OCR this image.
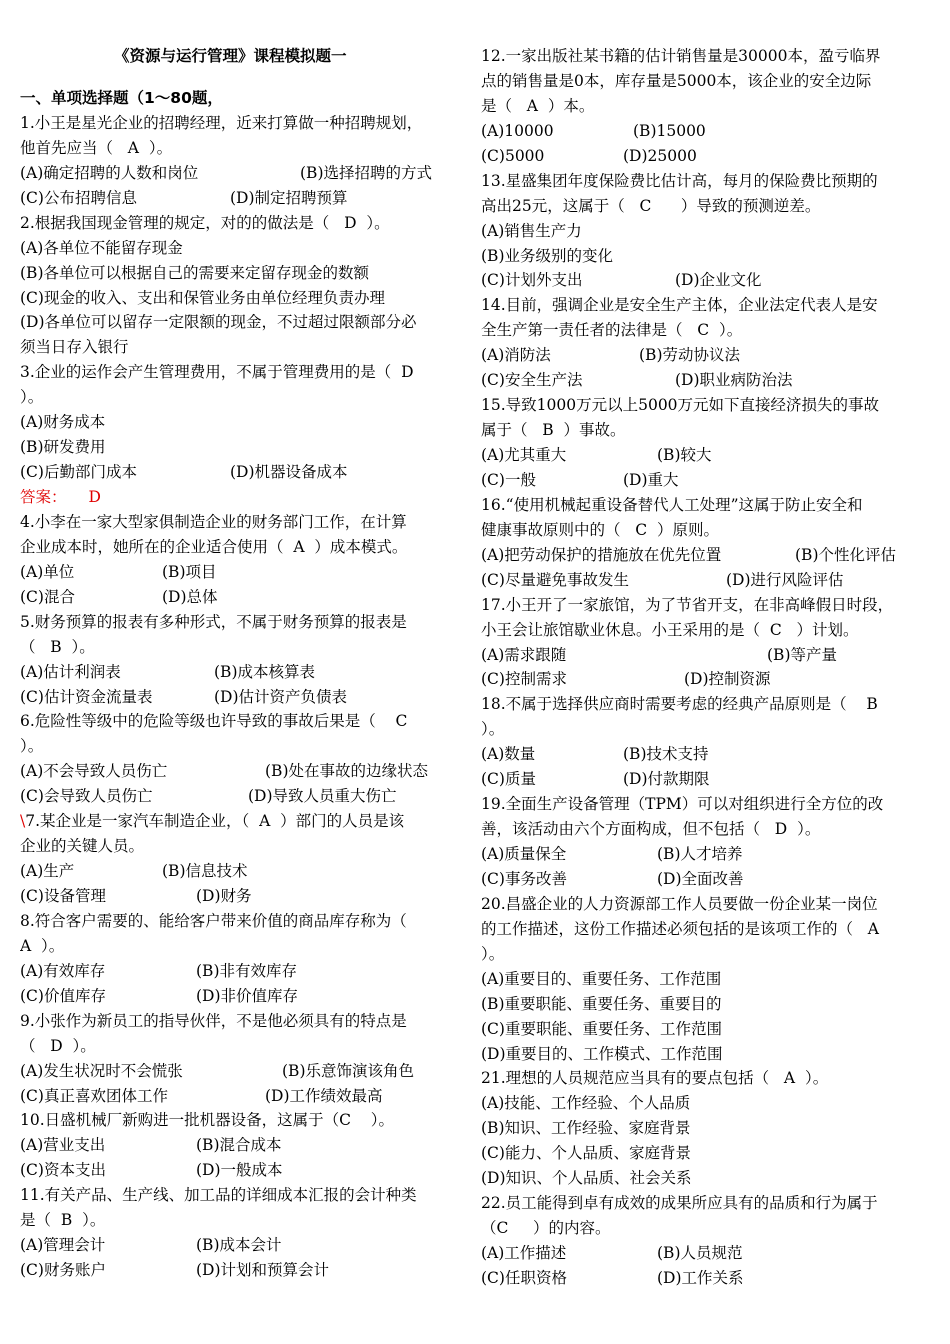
《资源与运行管理》课程模拟题一
一、单项选择题（1～80题，
1.小王是星光企业的招聘经理，近来打算做一种招聘规划，
他首先应当（   A  ）。
(A)确定招聘的人数和岗位	(B)选择招聘的方式
(C)公布招聘信息	(D)制定招聘预算
2.根据我国现金管理的规定，对的的做法是（   D  ）。
(A)各单位不能留存现金
(B)各单位可以根据自己的需要来定留存现金的数额
(C)现金的收入、支出和保管业务由单位经理负责办理
(D)各单位可以留存一定限额的现金，不过超过限额部分必
须当日存入银行
3.企业的运作会产生管理费用，不属于管理费用的是（  D
）。
(A)财务成本
(B)研发费用
(C)后勤部门成本	(D)机器设备成本
答案： D
4.小李在一家大型家俱制造企业的财务部门工作，在计算
企业成本时，她所在的企业适合使用（  A  ）成本模式。
(A)单位	(B)项目
(C)混合	(D)总体
5.财务预算的报表有多种形式，不属于财务预算的报表是
（   B  ）。
(A)估计利润表	(B)成本核算表
(C)估计资金流量表	(D)估计资产负债表
6.危险性等级中的危险等级也许导致的事故后果是（    C
）。
(A)不会导致人员伤亡	(B)处在事故的边缘状态
(C)会导致人员伤亡	(D)导致人员重大伤亡
\7.某企业是一家汽车制造企业，（  A  ）部门的人员是该
企业的关键人员。
(A)生产	(B)信息技术
(C)设备管理	(D)财务
8.符合客户需要的、能给客户带来价值的商品库存称为（
A  ）。
(A)有效库存	(B)非有效库存
(C)价值库存	(D)非价值库存
9.小张作为新员工的指导伙伴，不是他必须具有的特点是
（   D  ）。
(A)发生状况时不会慌张	(B)乐意饰演该角色
(C)真正喜欢团体工作	(D)工作绩效最高
10.日盛机械厂新购进一批机器设备，这属于（C    ）。
(A)营业支出	(B)混合成本
(C)资本支出	(D)一般成本
11.有关产品、生产线、加工品的详细成本汇报的会计种类
是（  B  ）。
(A)管理会计	(B)成本会计
(C)财务账户	(D)计划和预算会计
12.一家出版社某书籍的估计销售量是30000本，盈亏临界
点的销售量是0本，库存量是5000本，该企业的安全边际
是（   A  ）本。
(A)10000	(B)15000
(C)5000	(D)25000
13.星盛集团年度保险费比估计高，每月的保险费比预期的
高出25元，这属于（   C      ）导致的预测逆差。
(A)销售生产力
(B)业务级别的变化
(C)计划外支出	(D)企业文化
14.目前，强调企业是安全生产主体，企业法定代表人是安
全生产第一责任者的法律是（   C  ）。
(A)消防法	(B)劳动协议法
(C)安全生产法	(D)职业病防治法
15.导致1000万元以上5000万元如下直接经济损失的事故
属于（   B  ）事故。
(A)尤其重大	(B)较大
(C)一般	(D)重大
16.“使用机械起重设备替代人工处理”这属于防止安全和
健康事故原则中的（   C  ）原则。
(A)把劳动保护的措施放在优先位置	(B)个性化评估
(C)尽量避免事故发生	(D)进行风险评估
17.小王开了一家旅馆，为了节省开支，在非高峰假日时段，
小王会让旅馆歇业休息。小王采用的是（  C   ）计划。
(A)需求跟随	(B)等产量
(C)控制需求	(D)控制资源
18.不属于选择供应商时需要考虑的经典产品原则是（    B
）。
(A)数量	(B)技术支持
(C)质量	(D)付款期限
19.全面生产设备管理（TPM）可以对组织进行全方位的改
善，该活动由六个方面构成，但不包括（   D  ）。
(A)质量保全	(B)人才培养
(C)事务改善	(D)全面改善
20.昌盛企业的人力资源部工作人员要做一份企业某一岗位
的工作描述，这份工作描述必须包括的是该项工作的（   A
）。
(A)重要目的、重要任务、工作范围
(B)重要职能、重要任务、重要目的
(C)重要职能、重要任务、工作范围
(D)重要目的、工作模式、工作范围
21.理想的人员规范应当具有的要点包括（   A  ）。
(A)技能、工作经验、个人品质
(B)知识、工作经验、家庭背景
(C)能力、个人品质、家庭背景
(D)知识、个人品质、社会关系
22.员工能得到卓有成效的成果所应具有的品质和行为属于
（C     ）的内容。
(A)工作描述	(B)人员规范
(C)任职资格	(D)工作关系
